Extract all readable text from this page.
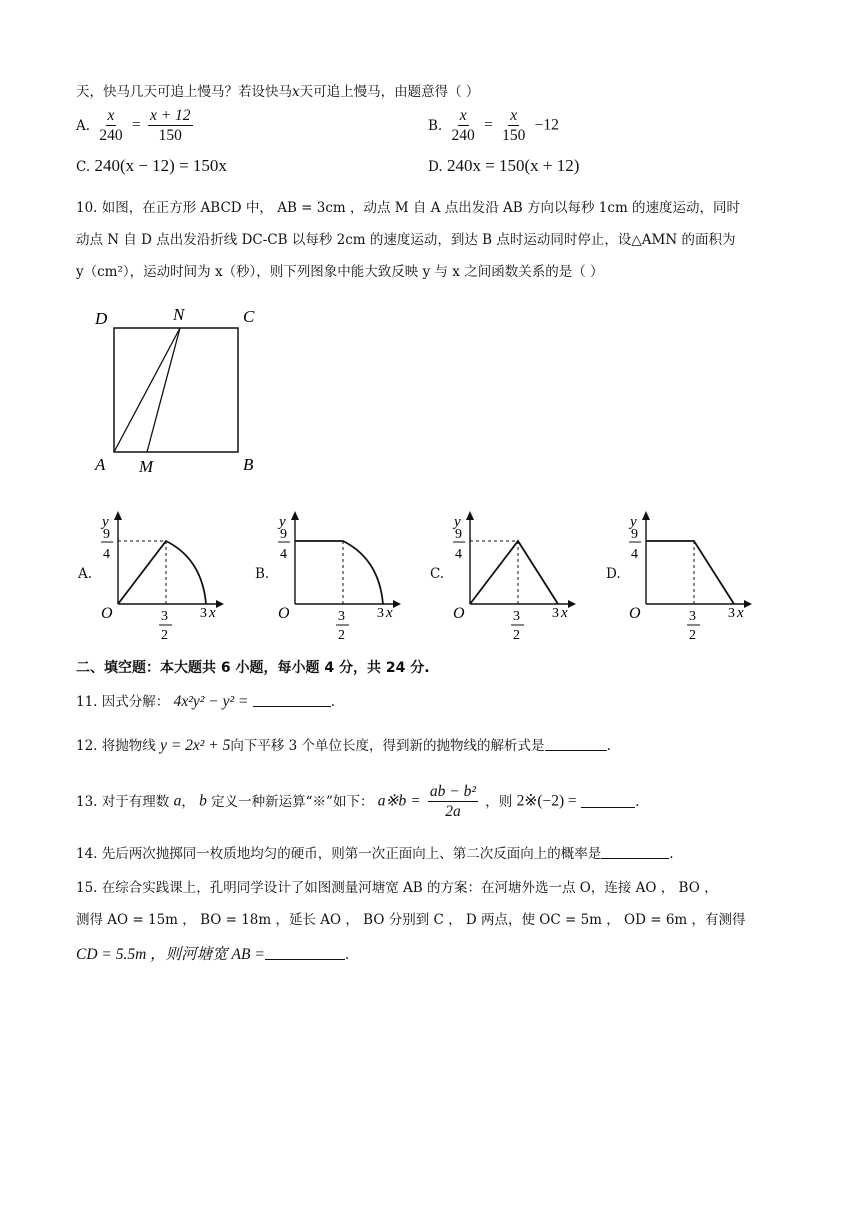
天，快马几天可追上慢马？若设快马x天可追上慢马，由题意得（ ）
A. $\frac{x}{240} = \frac{x + 12}{150}$	B. $\frac{x}{240} = \frac{x}{150} -12$
C. 240(x − 12) = 150x	D. 240x = 150(x + 12)
10. 如图，在正方形 ABCD 中， AB = 3cm ，动点 M 自 A 点出发沿 AB 方向以每秒 1cm 的速度运动，同时
动点 N 自 D 点出发沿折线 DC-CB 以每秒 2cm 的速度运动，到达 B 点时运动同时停止，设△AMN 的面积为
y（cm²），运动时间为 x（秒），则下列图象中能大致反映 y 与 x 之间函数关系的是（ ）
D	N	C
A M	B
A.	B.	C.	D.
y
9
4
O	3
2
3 x
y
9
4
O	3
2
3 x
y
9
4
O	3
2
3 x
y
9
4
O	3
2
3 x
二、填空题：本大题共 6 小题，每小题 4 分，共 24 分.
11. 因式分解： 4x²y² − y² =	.
12. 将抛物线 y = 2x² + 5向下平移 3 个单位长度，得到新的抛物线的解析式是	.
13. 对于有理数 a， b 定义一种新运算“※”如下： a※b = $\frac{\text{ab − b²}}{2a}$ ，则 2※(−2) =	.
14. 先后两次抛掷同一枚质地均匀的硬币，则第一次正面向上、第二次反面向上的概率是	.
15. 在综合实践课上，孔明同学设计了如图测量河塘宽 AB 的方案：在河塘外选一点 O，连接 AO ， BO ，
测得 AO = 15m ， BO = 18m ，延长 AO ， BO 分别到 C ， D 两点，使 OC = 5m ， OD = 6m ，有测得
CD = 5.5m ，则河塘宽 AB =	.
